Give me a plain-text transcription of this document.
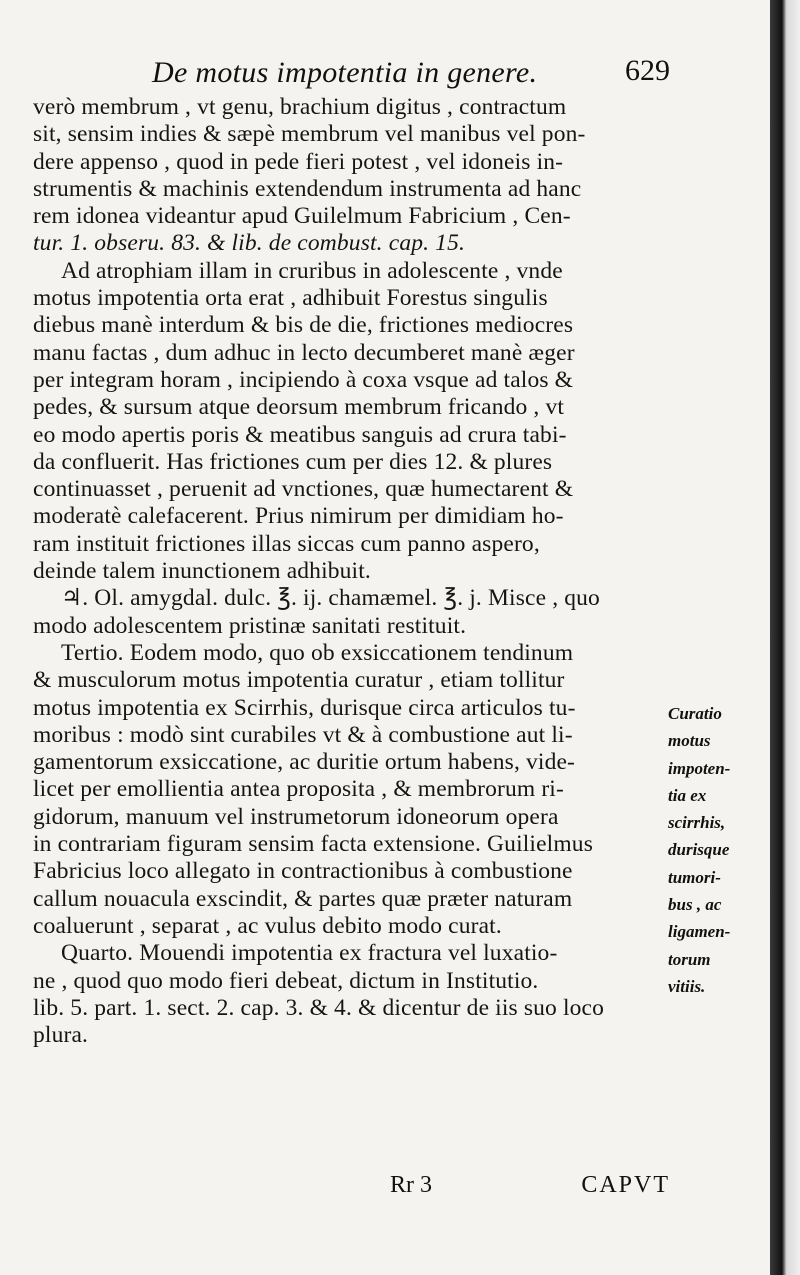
De motus impotentia in genere.	629
verò membrum , vt genu, brachium digitus , contractum
sit, sensim indies & sæpè membrum vel manibus vel pon-
dere appenso , quod in pede fieri potest , vel idoneis in-
strumentis & machinis extendendum instrumenta ad hanc
rem idonea videantur apud Guilelmum Fabricium , Cen-
tur. 1. obseru. 83. & lib. de combust. cap. 15.
Ad atrophiam illam in cruribus in adolescente , vnde
motus impotentia orta erat , adhibuit Forestus singulis
diebus manè interdum & bis de die, frictiones mediocres
manu factas , dum adhuc in lecto decumberet manè æger
per integram horam , incipiendo à coxa vsque ad talos &
pedes, & sursum atque deorsum membrum fricando , vt
eo modo apertis poris & meatibus sanguis ad crura tabi-
da confluerit. Has frictiones cum per dies 12. & plures
continuasset , peruenit ad vnctiones, quæ humectarent &
moderatè calefacerent. Prius nimirum per dimidiam ho-
ram instituit frictiones illas siccas cum panno aspero,
deinde talem inunctionem adhibuit.
♃. Ol. amygdal. dulc. ℥. ij. chamæmel. ℥. j. Misce , quo
modo adolescentem pristinæ sanitati restituit.
Tertio. Eodem modo, quo ob exsiccationem tendinum
& musculorum motus impotentia curatur , etiam tollitur
motus impotentia ex Scirrhis, durisque circa articulos tu-
moribus : modò sint curabiles vt & à combustione aut li-
gamentorum exsiccatione, ac duritie ortum habens, vide-
licet per emollientia antea proposita , & membrorum ri-
gidorum, manuum vel instrumetorum idoneorum opera
in contrariam figuram sensim facta extensione. Guilielmus
Fabricius loco allegato in contractionibus à combustione
callum nouacula exscindit, & partes quæ præter naturam
coaluerunt , separat , ac vulus debito modo curat.
Quarto. Mouendi impotentia ex fractura vel luxatio-
ne , quod quo modo fieri debeat, dictum in Institutio.
lib. 5. part. 1. sect. 2. cap. 3. & 4. & dicentur de iis suo loco
plura.
Curatio
motus
impoten-
tia ex
scirrhis,
durisque
tumori-
bus , ac
ligamen-
torum
vitiis.
Rr 3	CAPVT
